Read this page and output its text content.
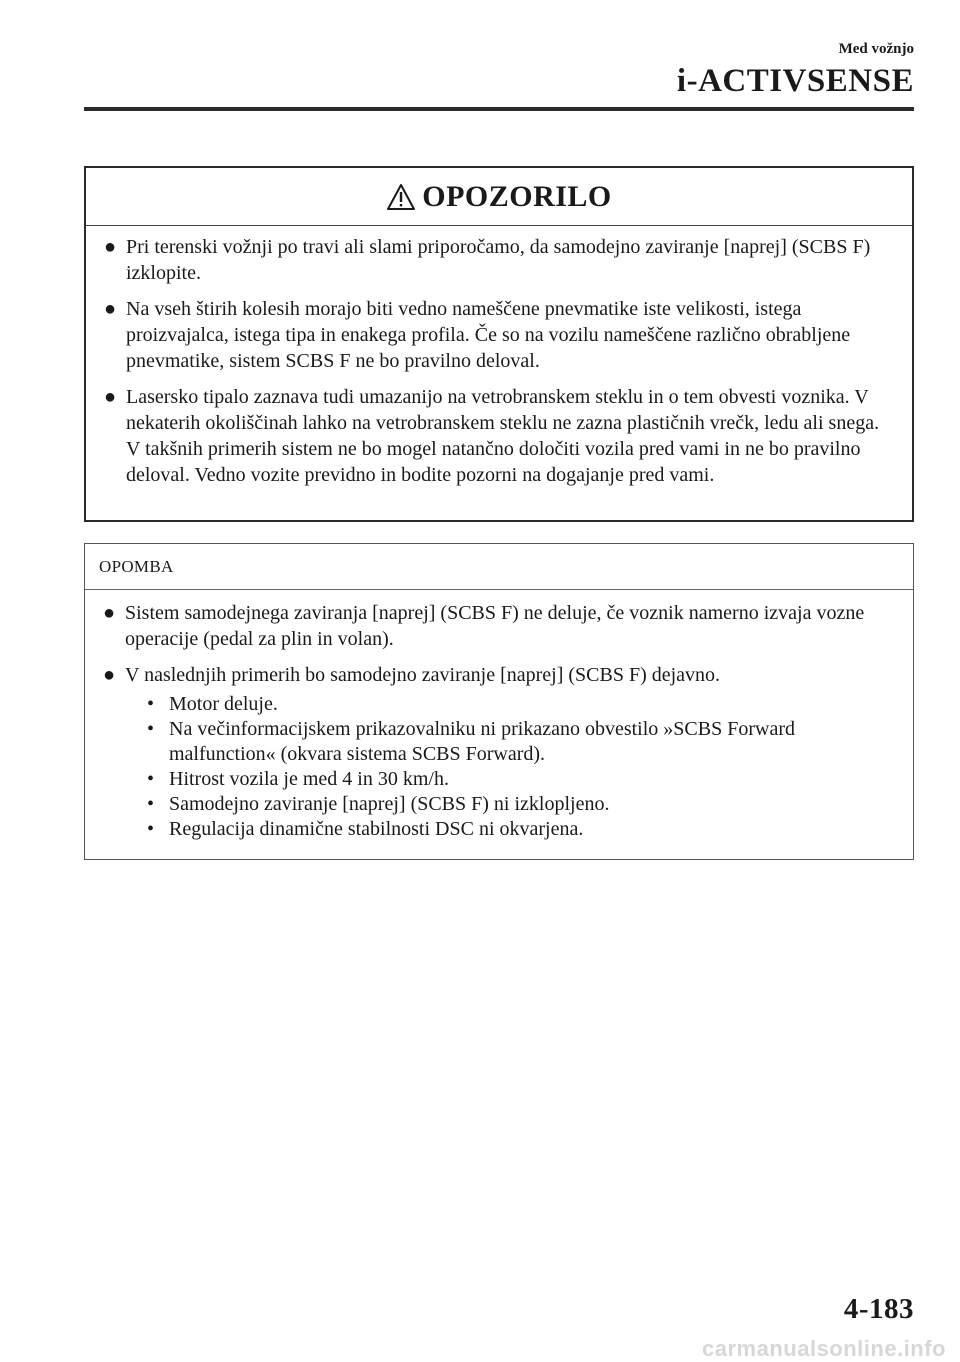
Med vožnjo
i-ACTIVSENSE
OPOZORILO
● Pri terenski vožnji po travi ali slami priporočamo, da samodejno zaviranje [naprej] (SCBS F) izklopite.
● Na vseh štirih kolesih morajo biti vedno nameščene pnevmatike iste velikosti, istega proizvajalca, istega tipa in enakega profila. Če so na vozilu nameščene različno obrabljene pnevmatike, sistem SCBS F ne bo pravilno deloval.
● Lasersko tipalo zaznava tudi umazanijo na vetrobranskem steklu in o tem obvesti voznika. V nekaterih okoliščinah lahko na vetrobranskem steklu ne zazna plastičnih vrečk, ledu ali snega. V takšnih primerih sistem ne bo mogel natančno določiti vozila pred vami in ne bo pravilno deloval. Vedno vozite previdno in bodite pozorni na dogajanje pred vami.
OPOMBA
● Sistem samodejnega zaviranja [naprej] (SCBS F) ne deluje, če voznik namerno izvaja vozne operacije (pedal za plin in volan).
● V naslednjih primerih bo samodejno zaviranje [naprej] (SCBS F) dejavno.
• Motor deluje.
• Na večinformacijskem prikazovalniku ni prikazano obvestilo »SCBS Forward malfunction« (okvara sistema SCBS Forward).
• Hitrost vozila je med 4 in 30 km/h.
• Samodejno zaviranje [naprej] (SCBS F) ni izklopljeno.
• Regulacija dinamične stabilnosti DSC ni okvarjena.
4-183
carmanualsonline.info
